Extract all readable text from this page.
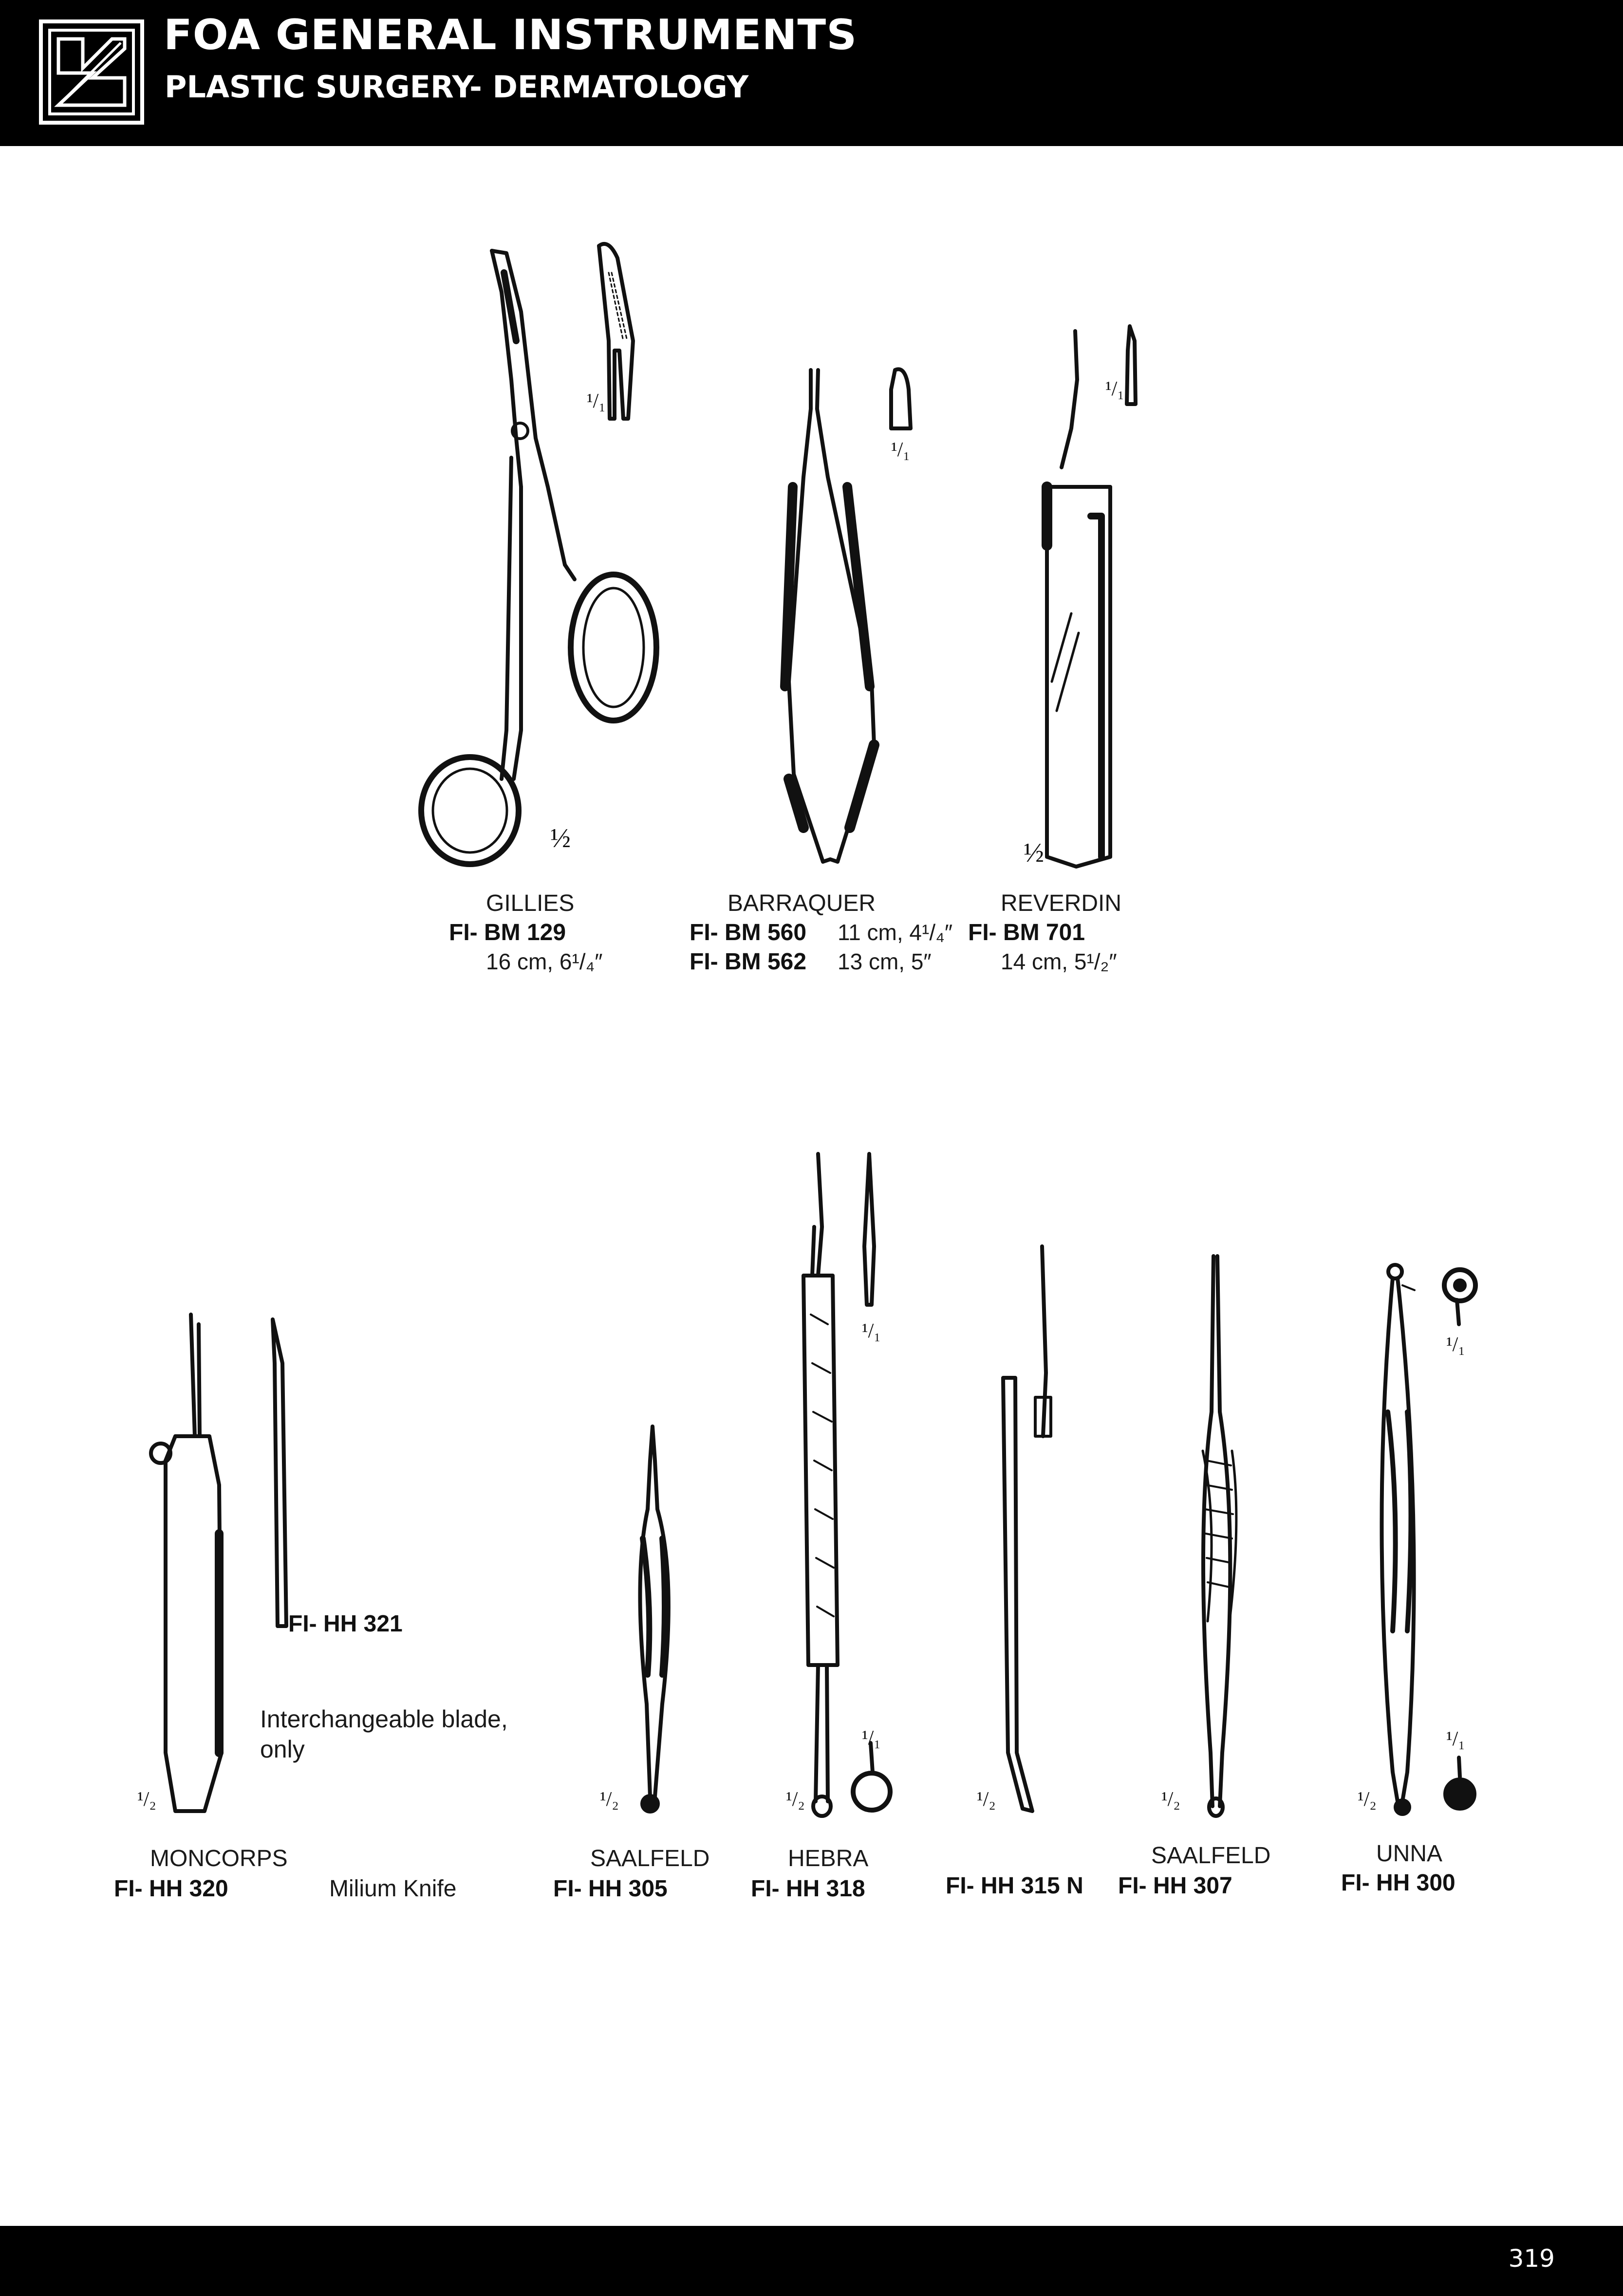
FOA GENERAL INSTRUMENTS
PLASTIC SURGERY- DERMATOLOGY
½
¹/₁
¹/₁
½
¹/₁
GILLIES
FI- BM 129
16 cm, 6¹/₄″
BARRAQUER
FI- BM 560 11 cm, 4¹/₄″
FI- BM 562 13 cm, 5″
REVERDIN
FI- BM 701
14 cm, 5¹/₂″
FI- HH 321
Interchangeable blade, only
¹/₂	¹/₂	¹/₂
¹/₁
¹/₁
¹/₂	¹/₂	¹/₂
¹/₁
¹/₁
MONCORPS
FI- HH 320	Milium Knife
SAALFELD
FI- HH 305
HEBRA
FI- HH 318	FI- HH 315 N
SAALFELD
FI- HH 307
UNNA
FI- HH 300
319
